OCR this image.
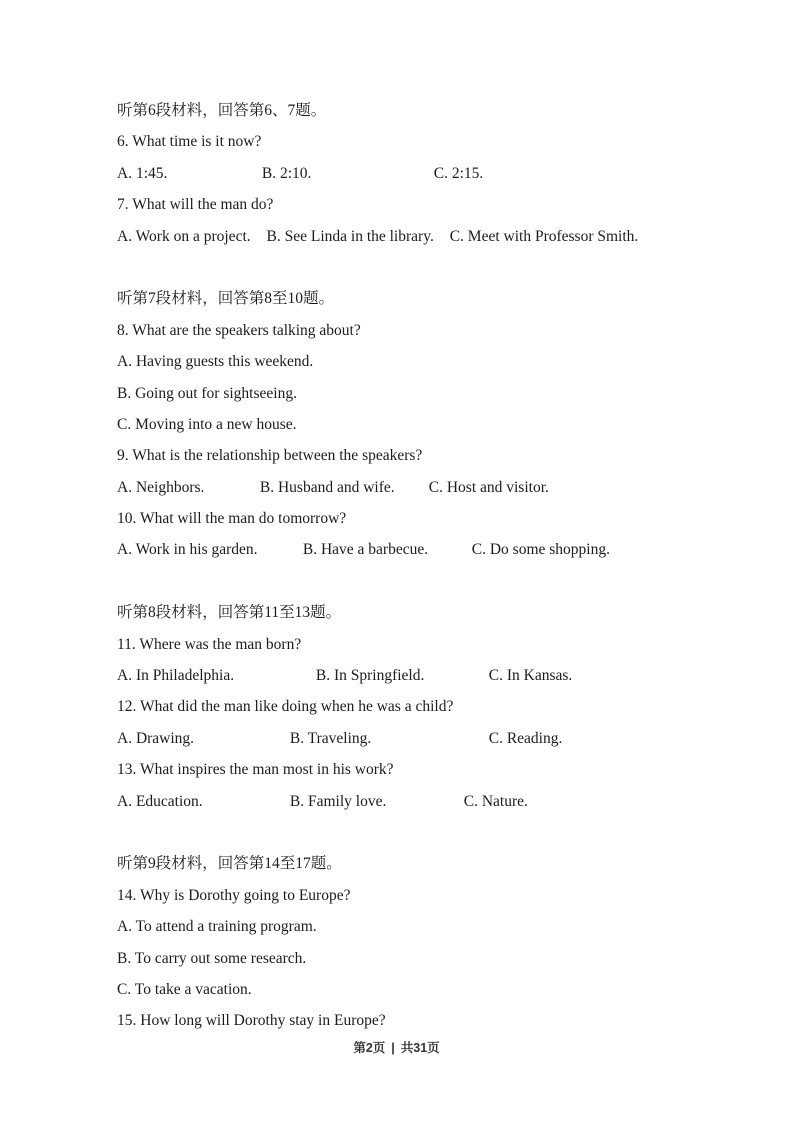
听第6段材料，回答第6、7题。
6. What time is it now?
A. 1:45.	B. 2:10.	C. 2:15.
7. What will the man do?
A. Work on a project. B. See Linda in the library. C. Meet with Professor Smith.
听第7段材料，回答第8至10题。
8. What are the speakers talking about?
A. Having guests this weekend.
B. Going out for sightseeing.
C. Moving into a new house.
9. What is the relationship between the speakers?
A. Neighbors.	B. Husband and wife. C. Host and visitor.
10. What will the man do tomorrow?
A. Work in his garden.	B. Have a barbecue.	C. Do some shopping.
听第8段材料，回答第11至13题。
11. Where was the man born?
A. In Philadelphia.	B. In Springfield.	C. In Kansas.
12. What did the man like doing when he was a child?
A. Drawing.	B. Traveling.	C. Reading.
13. What inspires the man most in his work?
A. Education.	B. Family love.	C. Nature.
听第9段材料，回答第14至17题。
14. Why is Dorothy going to Europe?
A. To attend a training program.
B. To carry out some research.
C. To take a vacation.
15. How long will Dorothy stay in Europe?
第2页 | 共31页
